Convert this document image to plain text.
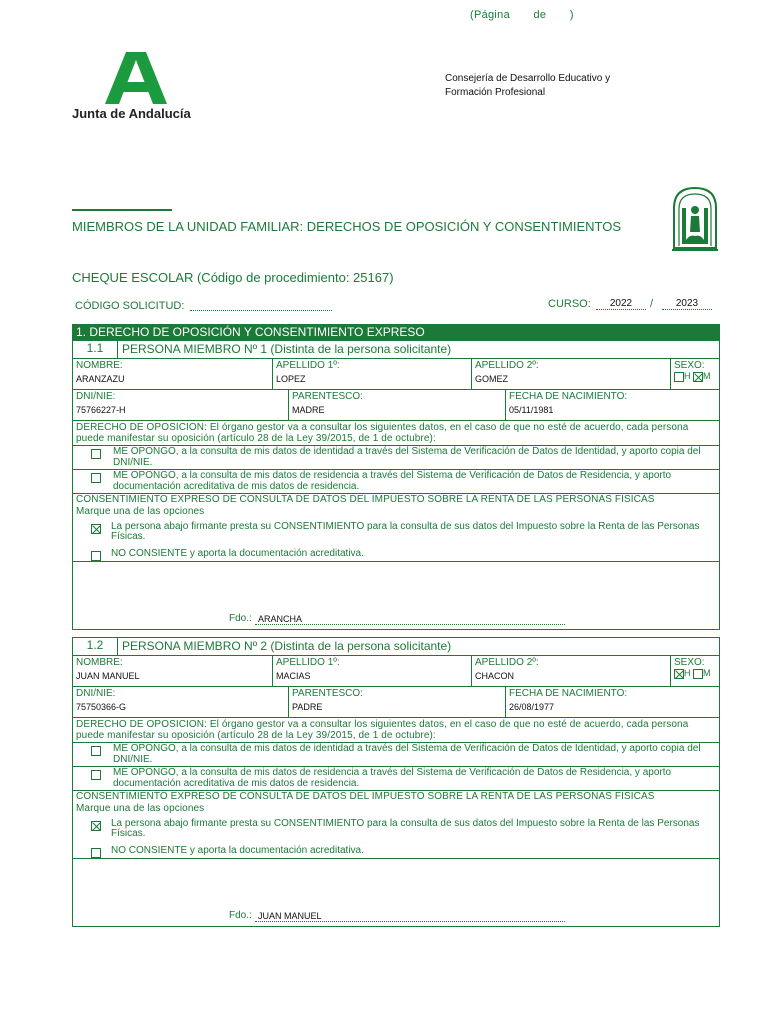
(Página       de       )
Junta de Andalucía
Consejería de Desarrollo Educativo y
Formación Profesional
MIEMBROS DE LA UNIDAD FAMILIAR: DERECHOS DE OPOSICIÓN Y CONSENTIMIENTOS
CHEQUE ESCOLAR (Código de procedimiento: 25167)
CÓDIGO SOLICITUD:	CURSO:	2022	/	2023
1. DERECHO DE OPOSICIÓN Y CONSENTIMIENTO EXPRESO
1.1	PERSONA MIEMBRO Nº 1 (Distinta de la persona solicitante)
NOMBRE:
ARANZAZU
APELLIDO 1º:
LOPEZ
APELLIDO 2º:
GOMEZ
SEXO:
H M
DNI/NIE:
75766227-H
PARENTESCO:
MADRE
FECHA DE NACIMIENTO:
05/11/1981
DERECHO DE OPOSICION: El órgano gestor va a consultar los siguientes datos, en el caso de que no esté de acuerdo, cada persona puede manifestar su oposición (artículo 28 de la Ley 39/2015, de 1 de octubre):
ME OPONGO, a la consulta de mis datos de identidad a través del Sistema de Verificación de Datos de Identidad, y aporto copia del DNI/NIE.
ME OPONGO, a la consulta de mis datos de residencia a través del Sistema de Verificación de Datos de Residencia, y aporto documentación acreditativa de mis datos de residencia.
CONSENTIMIENTO EXPRESO DE CONSULTA DE DATOS DEL IMPUESTO SOBRE LA RENTA DE LAS PERSONAS FÍSICAS
Marque una de las opciones
La persona abajo firmante presta su CONSENTIMIENTO para la consulta de sus datos del Impuesto sobre la Renta de las Personas Físicas.
NO CONSIENTE y aporta la documentación acreditativa.
Fdo.: ARANCHA
1.2	PERSONA MIEMBRO Nº 2 (Distinta de la persona solicitante)
NOMBRE:
JUAN MANUEL
APELLIDO 1º:
MACIAS
APELLIDO 2º:
CHACON
SEXO:
H M
DNI/NIE:
75750366-G
PARENTESCO:
PADRE
FECHA DE NACIMIENTO:
26/08/1977
DERECHO DE OPOSICION: El órgano gestor va a consultar los siguientes datos, en el caso de que no esté de acuerdo, cada persona puede manifestar su oposición (artículo 28 de la Ley 39/2015, de 1 de octubre):
ME OPONGO, a la consulta de mis datos de identidad a través del Sistema de Verificación de Datos de Identidad, y aporto copia del DNI/NIE.
ME OPONGO, a la consulta de mis datos de residencia a través del Sistema de Verificación de Datos de Residencia, y aporto documentación acreditativa de mis datos de residencia.
CONSENTIMIENTO EXPRESO DE CONSULTA DE DATOS DEL IMPUESTO SOBRE LA RENTA DE LAS PERSONAS FÍSICAS
Marque una de las opciones
La persona abajo firmante presta su CONSENTIMIENTO para la consulta de sus datos del Impuesto sobre la Renta de las Personas Físicas.
NO CONSIENTE y aporta la documentación acreditativa.
Fdo.: JUAN MANUEL
